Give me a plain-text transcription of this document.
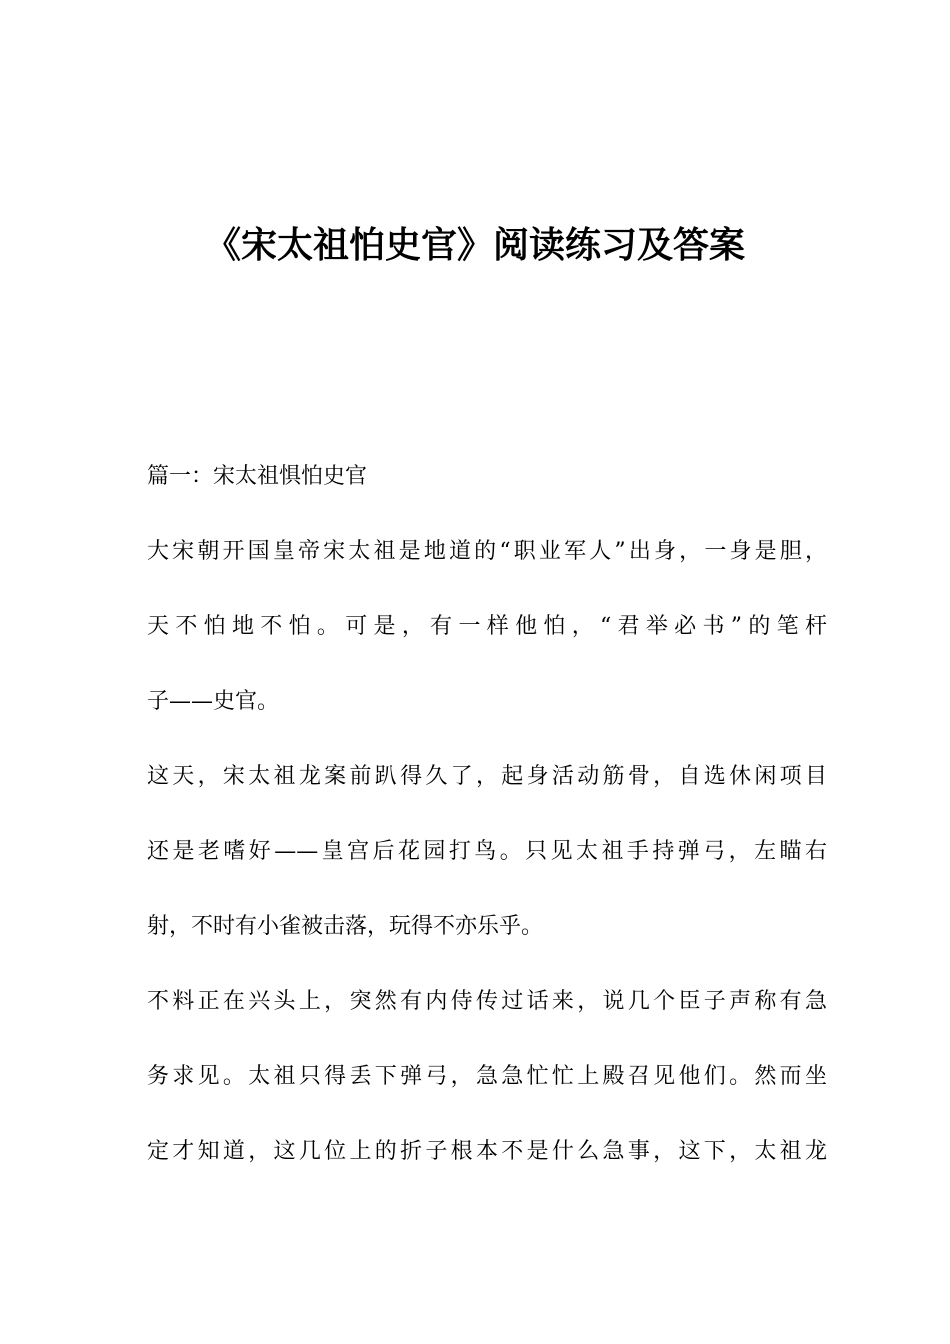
《宋太祖怕史官》阅读练习及答案
篇一：宋太祖惧怕史官
大宋朝开国皇帝宋太祖是地道的“职业军人”出身，一身是胆，
天不怕地不怕。可是，有一样他怕，“君举必书”的笔杆
子——史官。
这天，宋太祖龙案前趴得久了，起身活动筋骨，自选休闲项目
还是老嗜好——皇宫后花园打鸟。只见太祖手持弹弓，左瞄右
射，不时有小雀被击落，玩得不亦乐乎。
不料正在兴头上，突然有内侍传过话来，说几个臣子声称有急
务求见。太祖只得丢下弹弓，急急忙忙上殿召见他们。然而坐
定才知道，这几位上的折子根本不是什么急事，这下，太祖龙
